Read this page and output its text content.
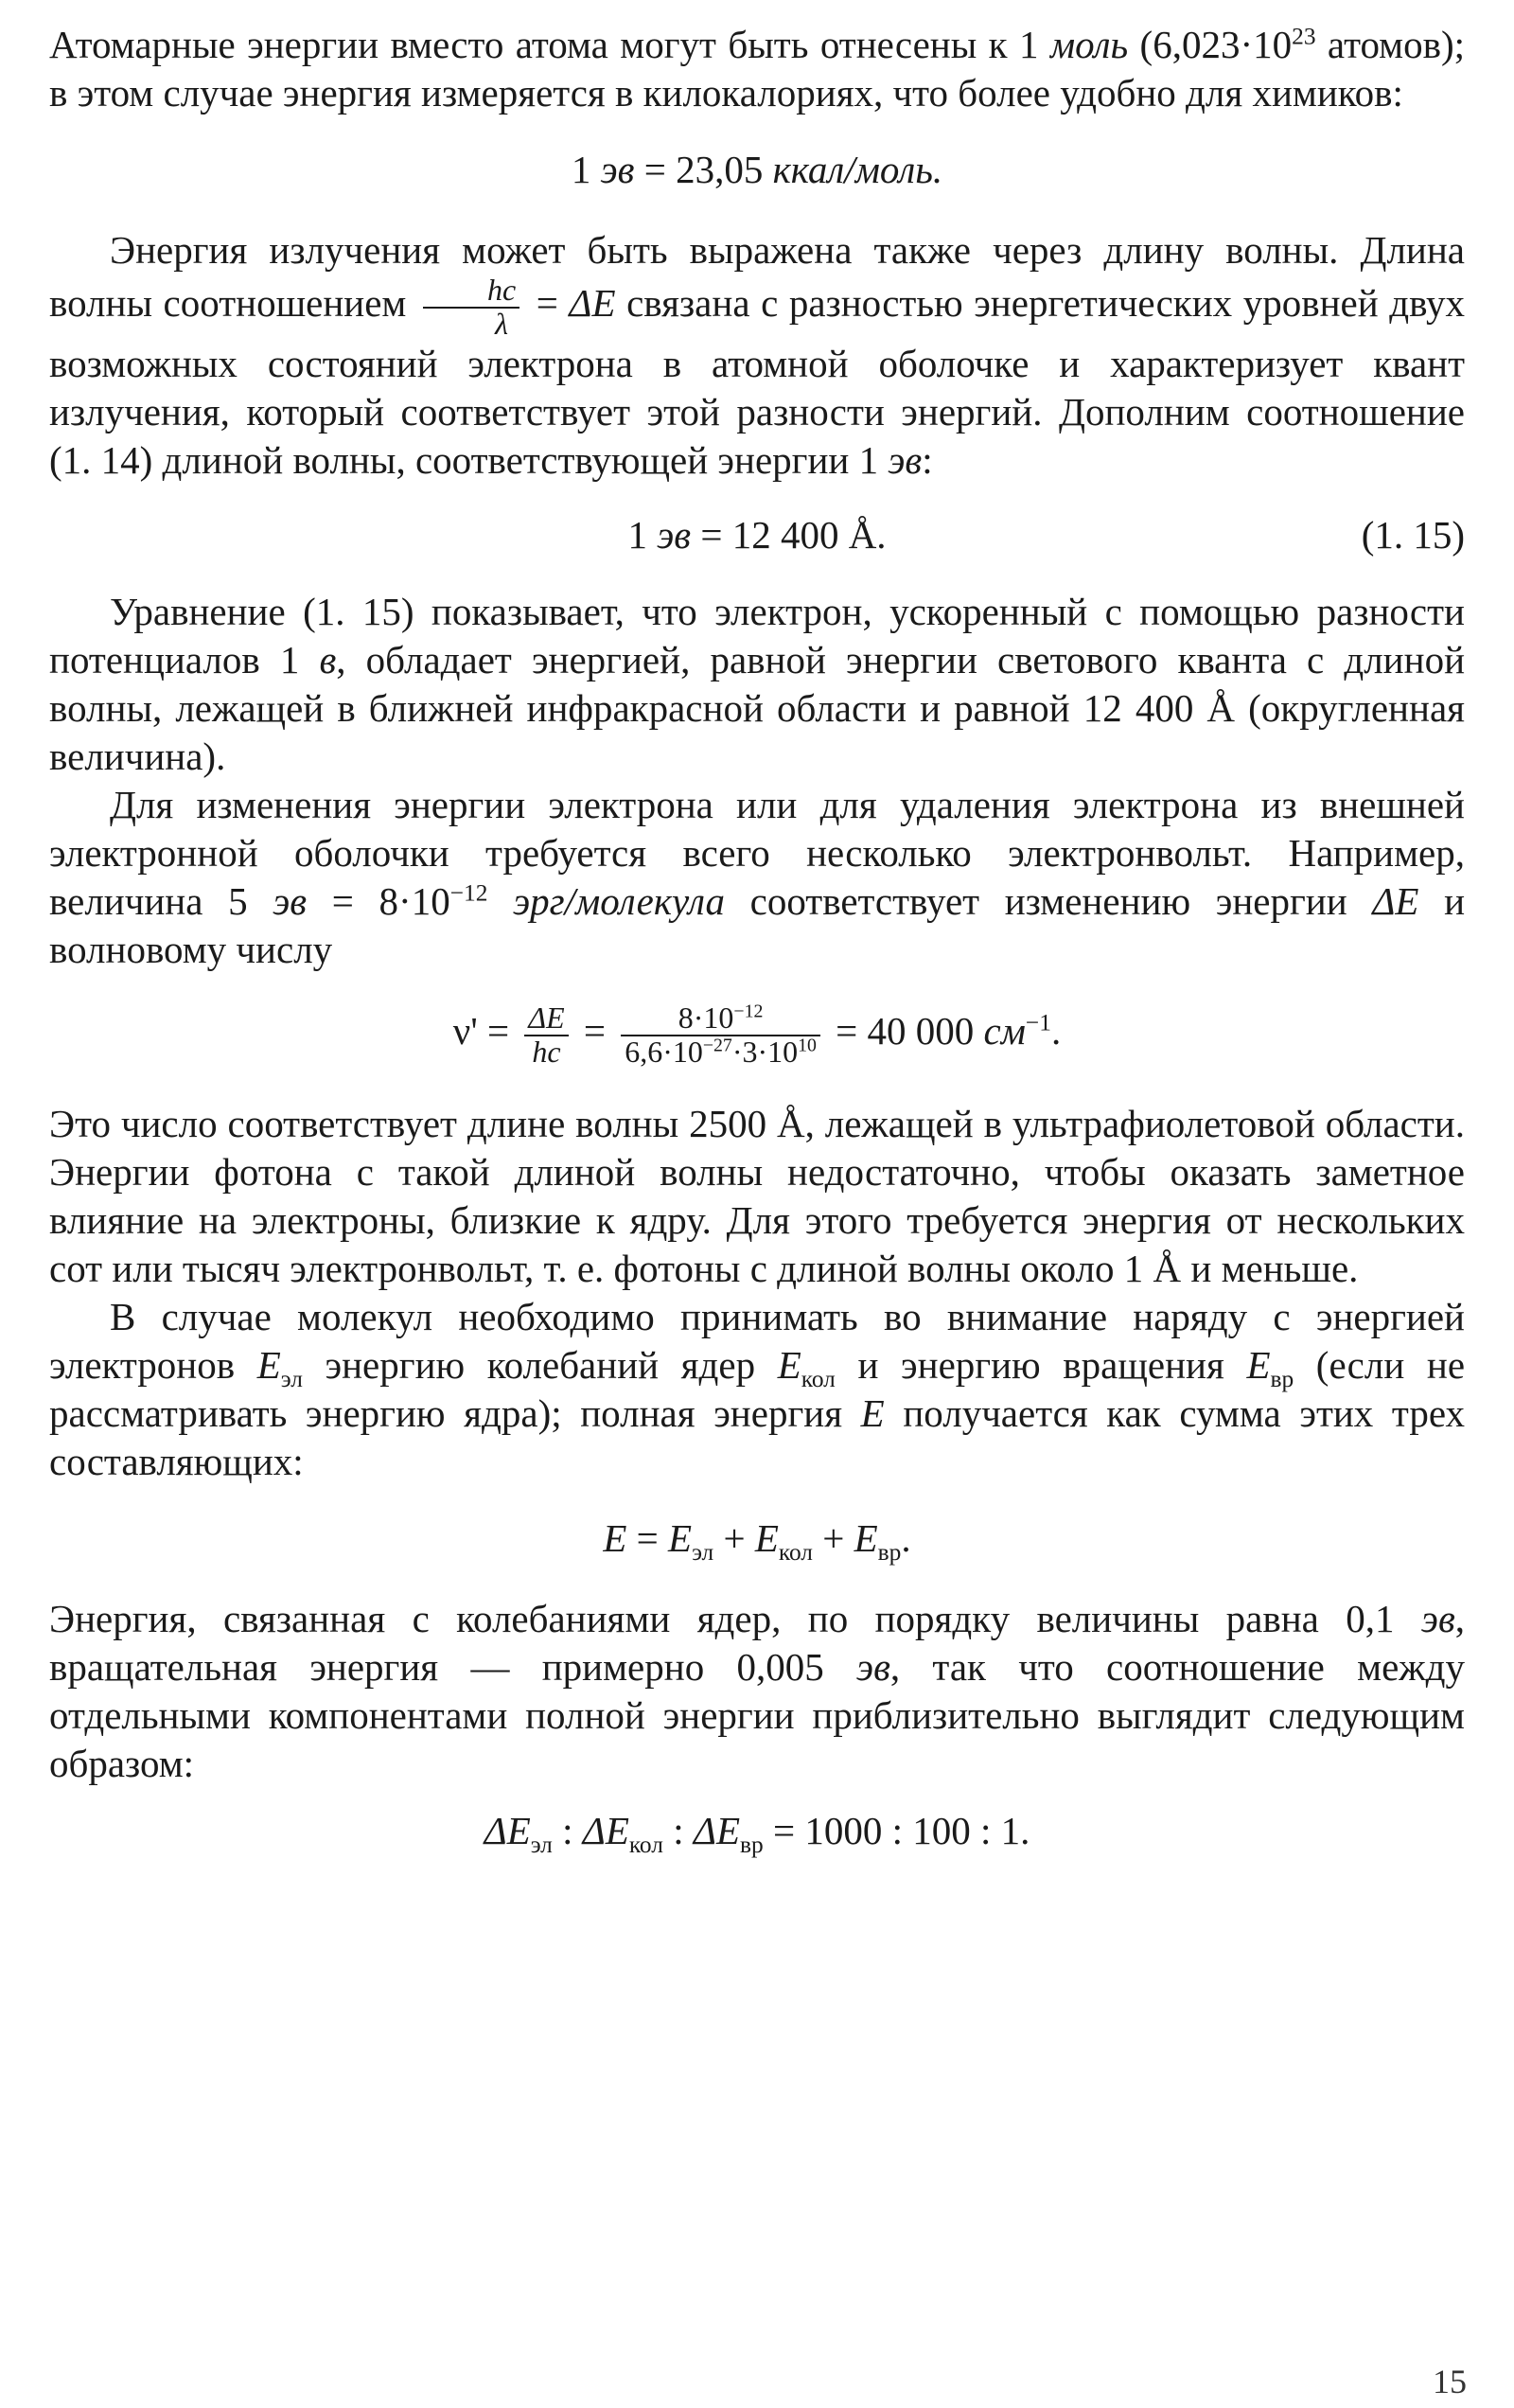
Атомарные энергии вместо атома могут быть отнесены к 1 моль ($6,023\cdot 10^{23}$ атомов); в этом случае энергия измеряется в килокалориях, что более удобно для химиков:

1 эв = 23,05 ккал/моль.

Энергия излучения может быть выражена также через длину волны. Длина волны соотношением $\frac{hc}{\lambda} = \Delta E$ связана с разностью энергетических уровней двух возможных состояний электрона в атомной оболочке и характеризует квант излучения, который соответствует этой разности энергий. Дополним соотношение (1. 14) длиной волны, соответствующей энергии 1 эв:

1 эв = 12 400 Å.	(1. 15)

Уравнение (1. 15) показывает, что электрон, ускоренный с помощью разности потенциалов 1 в, обладает энергией, равной энергии светового кванта с длиной волны, лежащей в ближней инфракрасной области и равной 12 400 Å (округленная величина).

Для изменения энергии электрона или для удаления электрона из внешней электронной оболочки требуется всего несколько электронвольт. Например, величина 5 эв = $8\cdot 10^{-12}$ эрг/молекула соответствует изменению энергии ΔE и волновому числу

$\nu' = \frac{\Delta E}{hc} = \frac{8\cdot 10^{-12}}{6,6\cdot 10^{-27}\cdot 3\cdot 10^{10}} = 40$ 000 $см^{-1}$.

Это число соответствует длине волны 2500 Å, лежащей в ультрафиолетовой области. Энергии фотона с такой длиной волны недостаточно, чтобы оказать заметное влияние на электроны, близкие к ядру. Для этого требуется энергия от нескольких сот или тысяч электронвольт, т. е. фотоны с длиной волны около 1 Å и меньше.

В случае молекул необходимо принимать во внимание наряду с энергией электронов $E_{эл}$ энергию колебаний ядер $E_{кол}$ и энергию вращения $E_{вр}$ (если не рассматривать энергию ядра); полная энергия E получается как сумма этих трех составляющих:

$E = E_{эл} + E_{кол} + E_{вр}$.

Энергия, связанная с колебаниями ядер, по порядку величины равна 0,1 эв, вращательная энергия — примерно 0,005 эв, так что соотношение между отдельными компонентами полной энергии приблизительно выглядит следующим образом:

$\Delta E_{эл}$ : $\Delta E_{кол}$ : $\Delta E_{вр} = 1000$ : 100 : 1.
15
